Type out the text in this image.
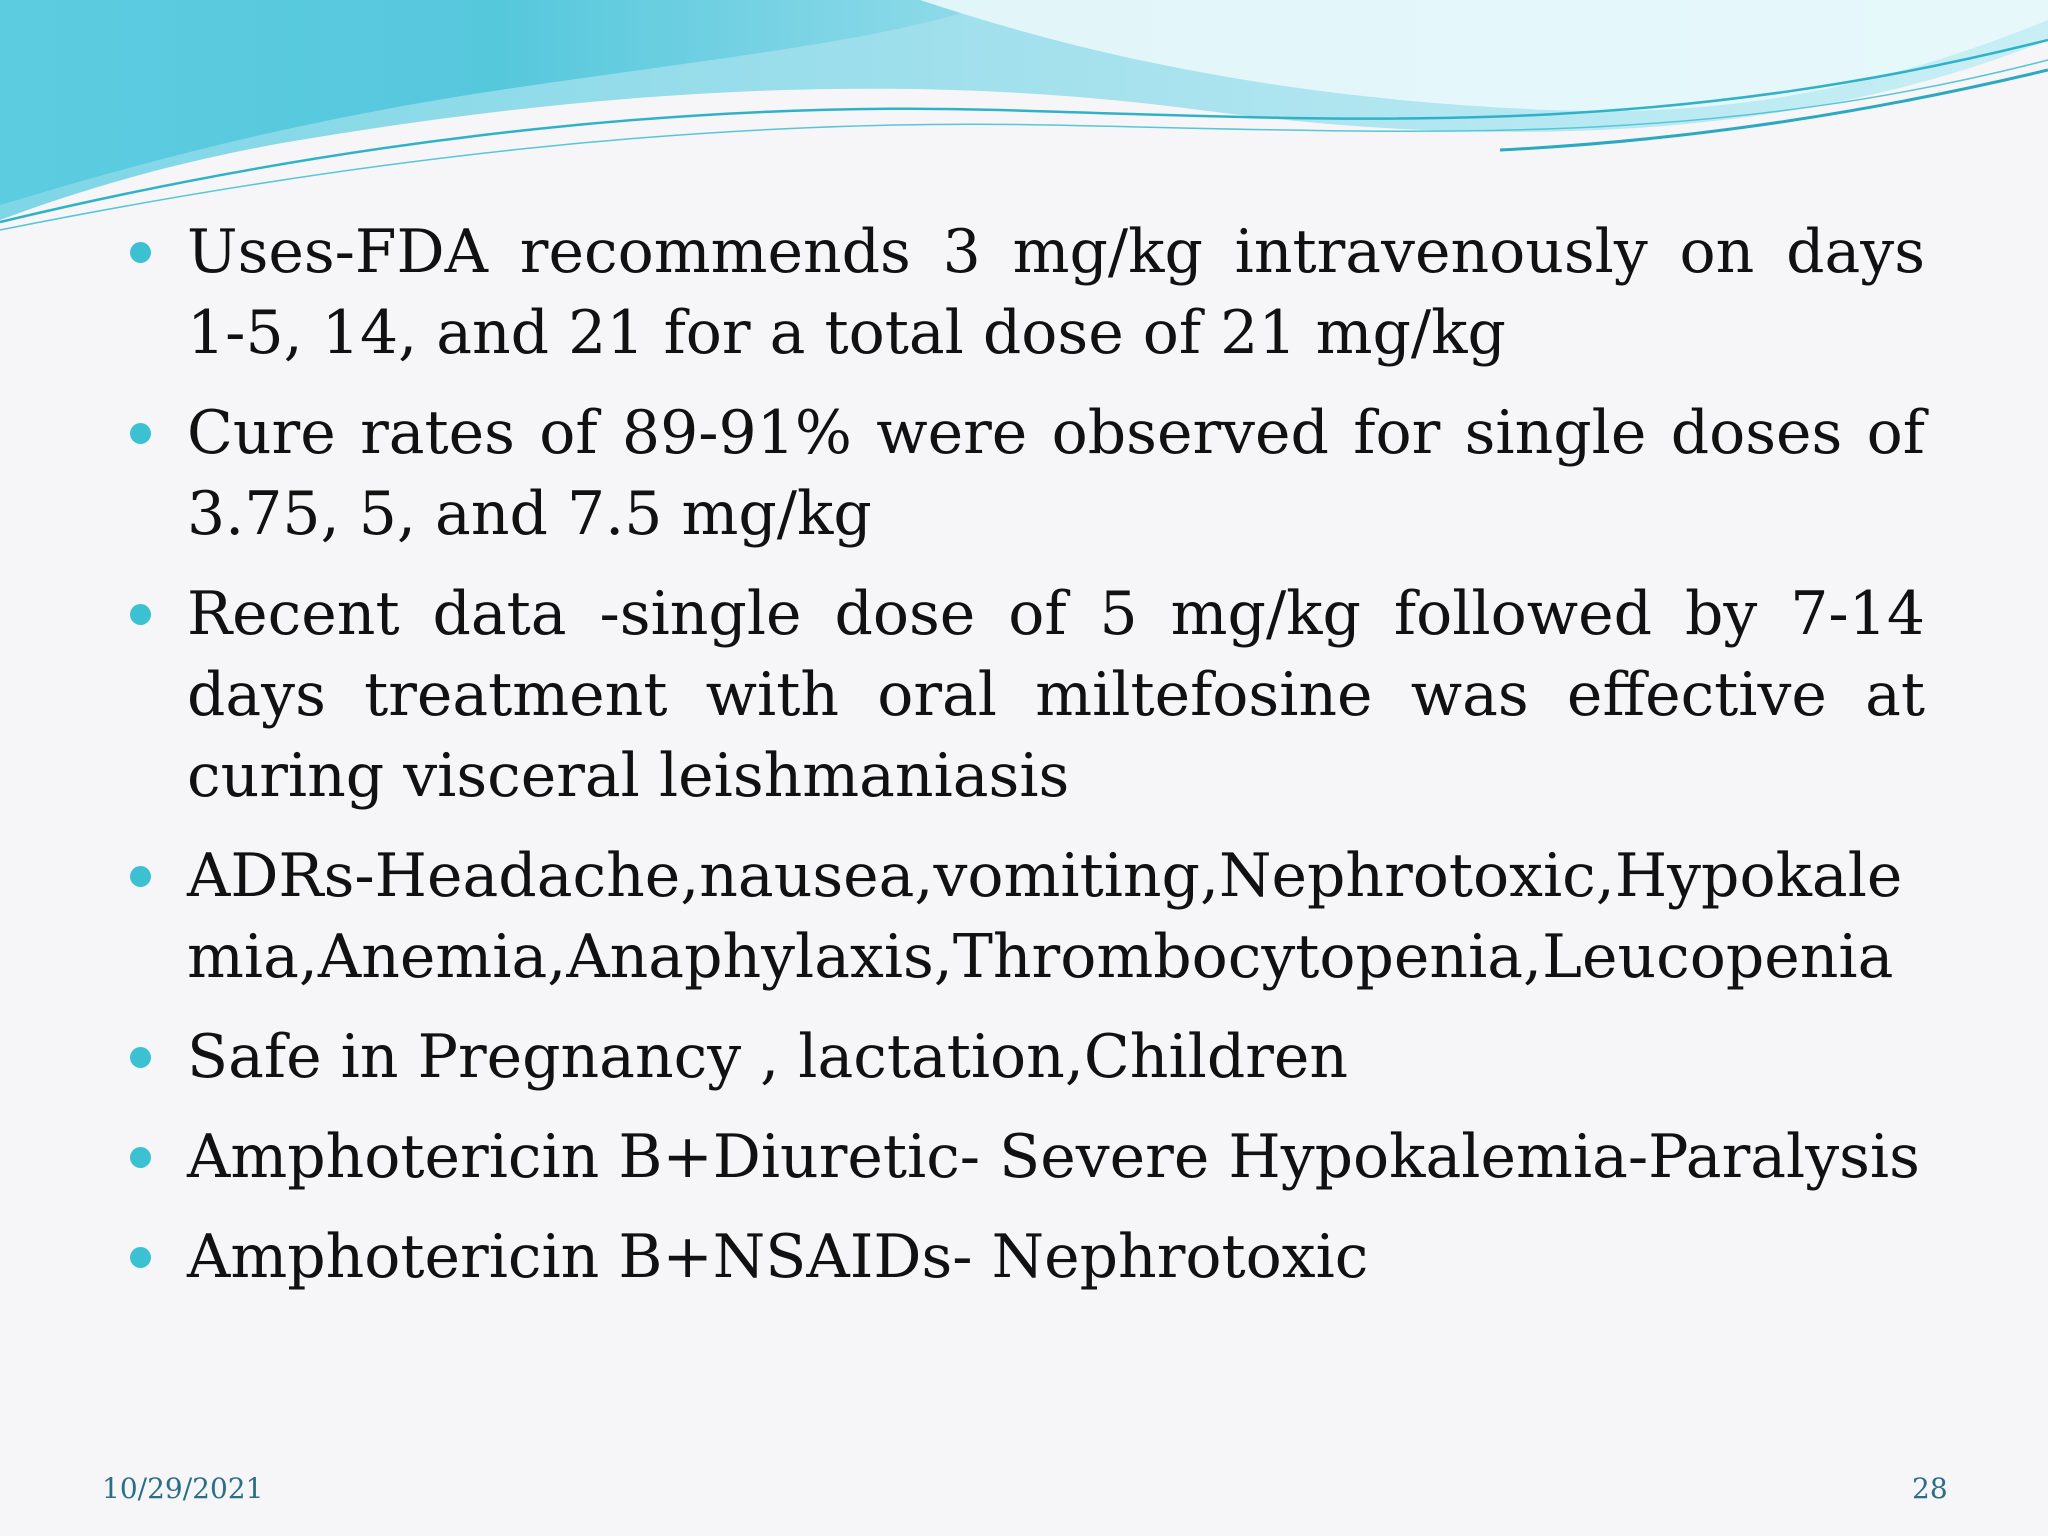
Uses-FDA recommends 3 mg/kg intravenously on days 1-5, 14, and 21 for a total dose of 21 mg/kg
Cure rates of 89-91% were observed for single doses of 3.75, 5, and 7.5 mg/kg
Recent data -single dose of 5 mg/kg followed by 7-14 days treatment with oral miltefosine was effective at curing visceral leishmaniasis
ADRs-Headache,nausea,vomiting,Nephrotoxic,Hypokalemia,Anemia,Anaphylaxis,Thrombocytopenia,Leucopenia
Safe in Pregnancy , lactation,Children
Amphotericin B+Diuretic- Severe Hypokalemia-Paralysis
Amphotericin B+NSAIDs- Nephrotoxic
10/29/2021	28
